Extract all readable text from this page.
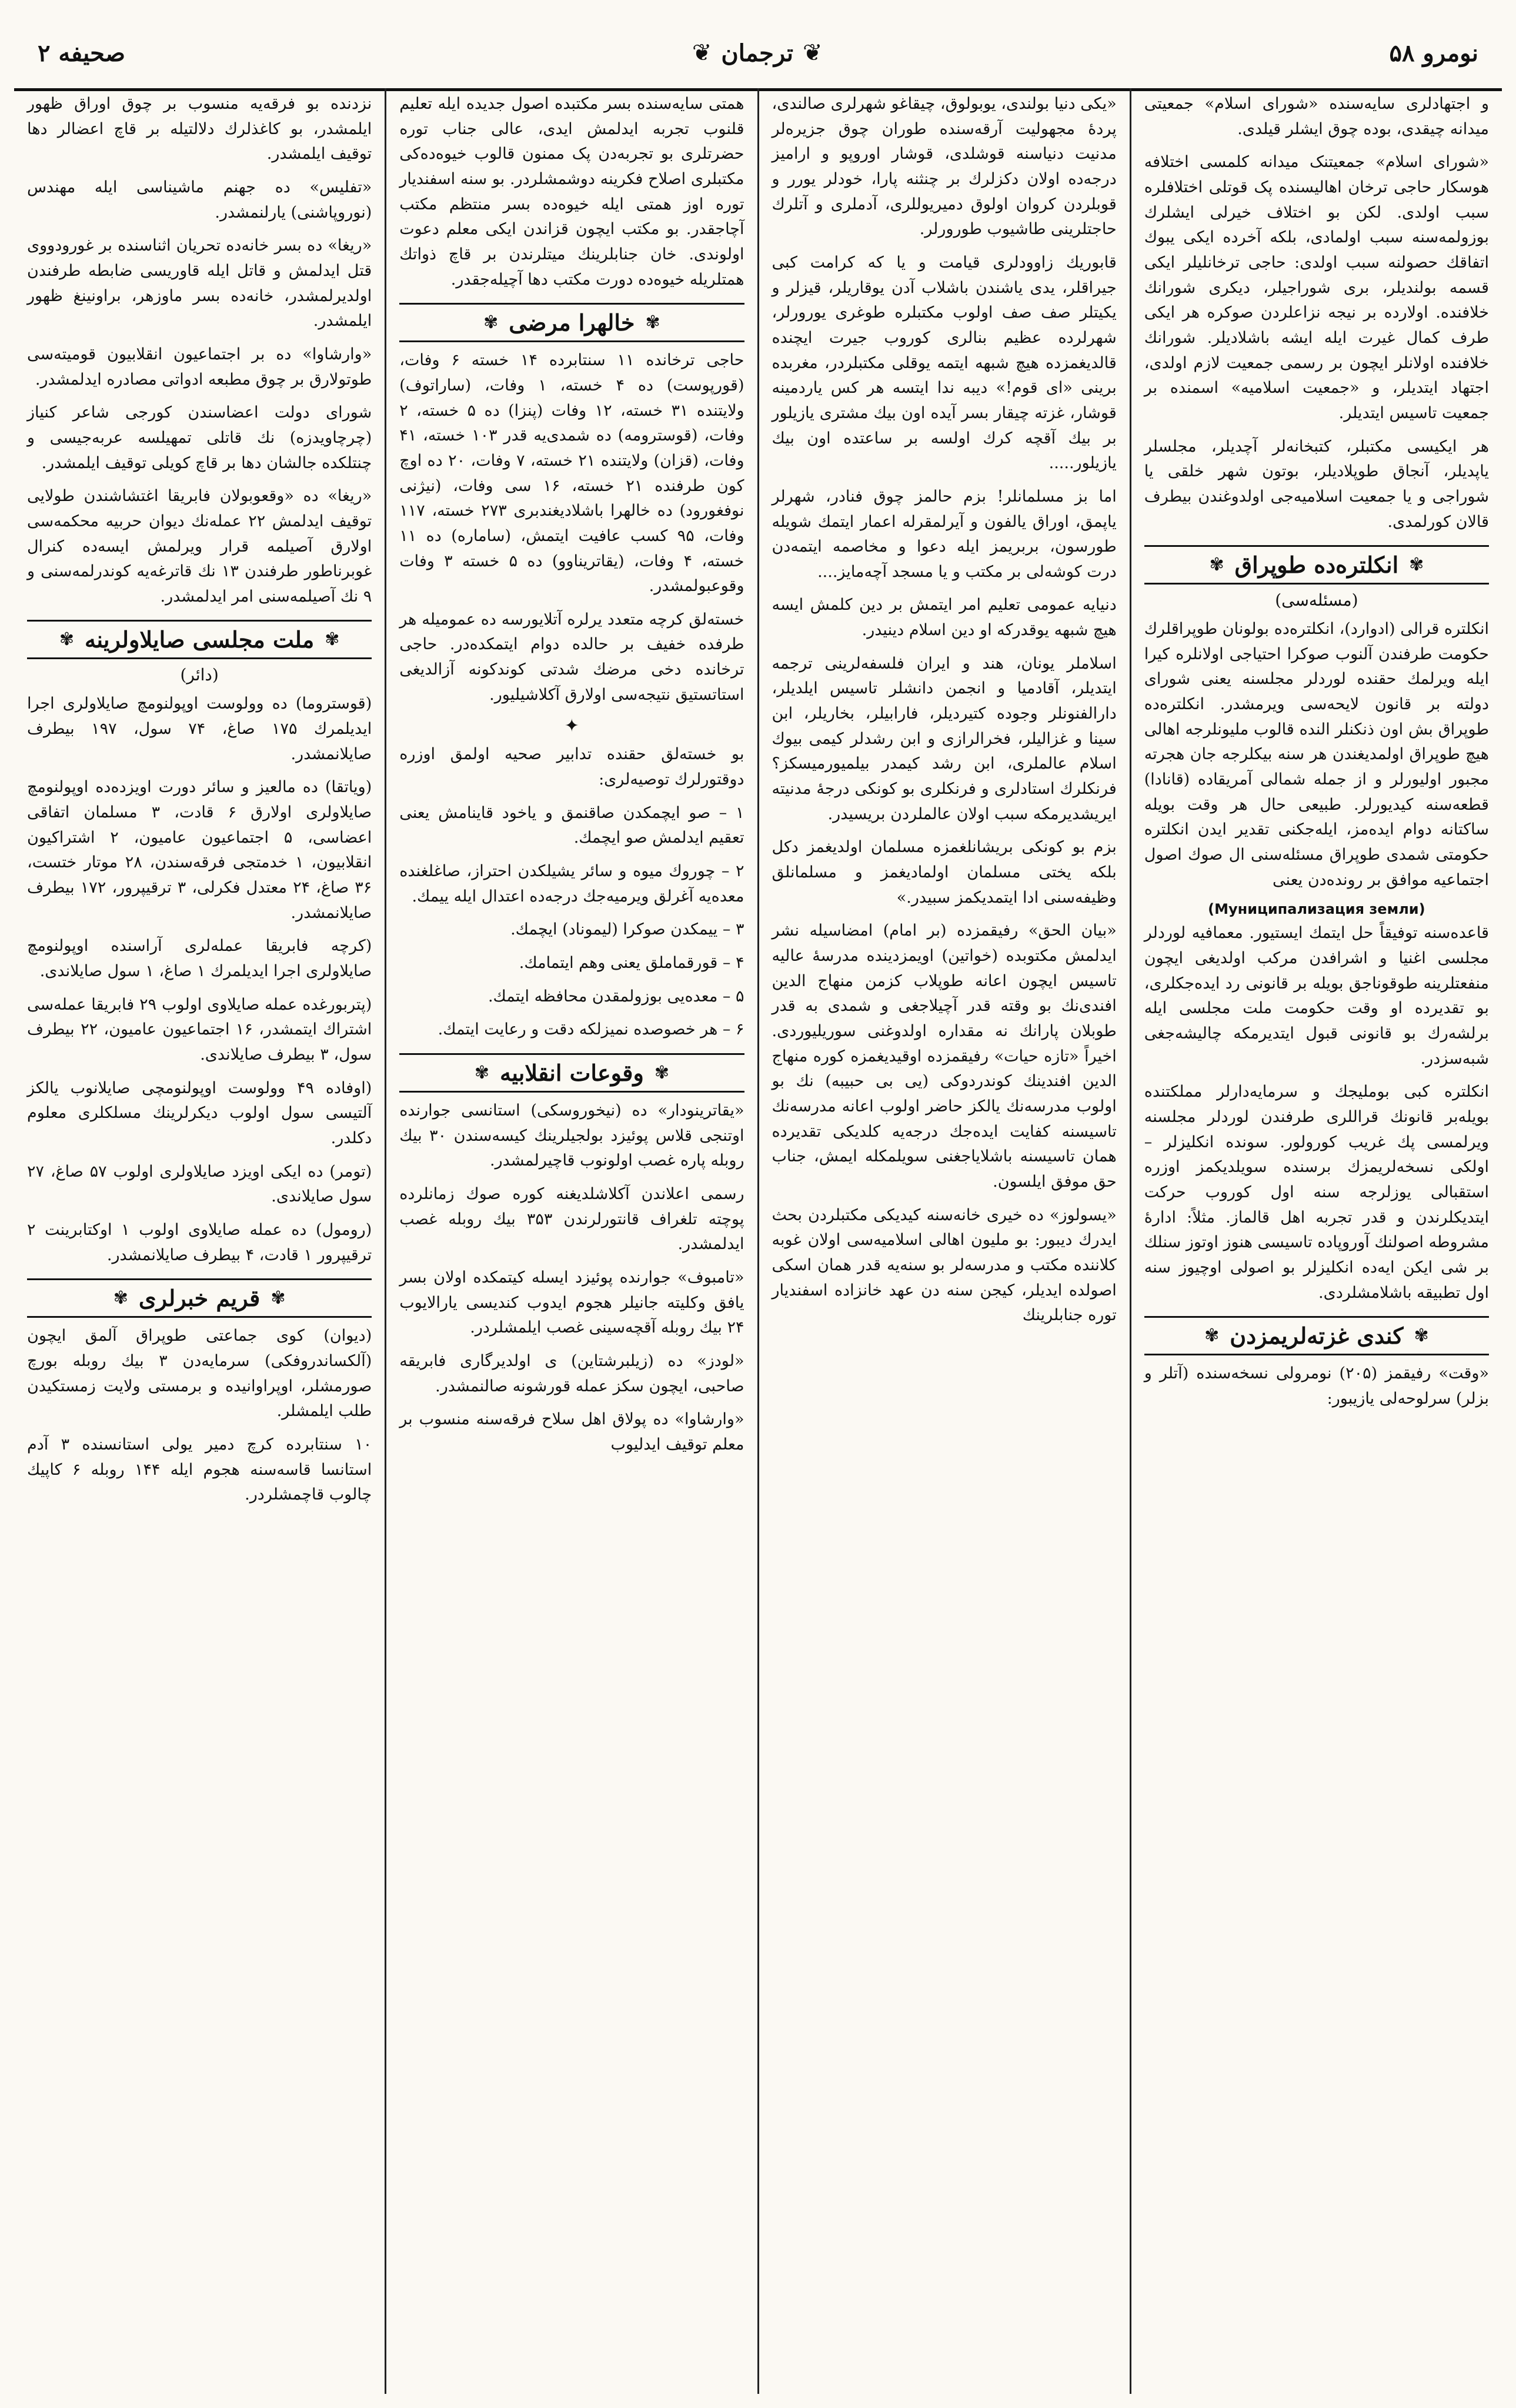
نومرو ۵۸
❦
ترجمان
❦
صحیفه ۲

و اجتهادلری سایه‌سنده «شورای اسلام» جمعیتی میدانه چیقدی، بوده چوق ایشلر قیلدی.

«شورای اسلام» جمعیتنک میدانه کلمسی اختلافه هوسکار حاجی ترخان اهالیسنده پک قوتلی اختلافلره سبب اولدی. لکن بو اختلاف خیرلی ایشلرك بوزولمه‌سنه سبب اولمادی، بلکه آخرده ایکی یبوك اتفاقك حصولنه سبب اولدی: حاجی ترخانلیلر ایکی قسمه بولندیلر، بری شوراجیلر، دیکری شورانك خلافنده. اولارده بر نیجه نزاعلردن صوکره هر ایکی طرف کمال غیرت ایله ایشه باشلادیلر. شورانك خلافنده اولانلر ایچون بر رسمی جمعیت لازم اولدی، اجتهاد ایتدیلر، و «جمعیت اسلامیه» اسمنده بر جمعیت تاسیس ایتدیلر.

هر ایکیسی مکتبلر، کتبخانه‌لر آچدیلر، مجلسلر یاپدیلر، آنجاق طوپلادیلر، بوتون شهر خلقی یا شوراجی و یا جمعیت اسلامیه‌جی اولدوغندن بیطرف قالان کورلمدی.

✾
انکلتره‌ده طوپراق
✾
(مسئله‌سی)

انکلتره قرالی (ادوارد)، انکلتره‌ده بولونان طوپراقلرك حکومت طرفندن آلنوب صوکرا احتیاجی اولانلره کیرا ایله ویرلمك حقنده لوردلر مجلسنه یعنی شورای دولته بر قانون لایحه‌سی ویرمشدر. انکلتره‌ده طوپراق بش اون ذنکنلر النده قالوب ملیونلرجه اهالی هیچ طوپراق اولمدیغندن هر سنه بیکلرجه جان هجرته مجبور اولیورلر و از جمله شمالی آمریقاده (قانادا) قطعه‌سنه کیدیورلر. طبیعی حال هر وقت بویله ساکتانه دوام ایده‌مز، ایله‌جکنی تقدیر ایدن انکلتره حکومتی شمدی طوپراق مسئله‌سنی ال صوك اصول اجتماعیه موافق بر رونده‌دن یعنی

(Муниципализация земли)

قاعده‌سنه توفیقاً حل ایتمك ایستیور. معمافیه لوردلر مجلسی اغنیا و اشرافدن مرکب اولدیغی ایچون منفعتلرینه طوقوناجق بویله بر قانونی رد ایده‌جکلری، بو تقدیرده او وقت حکومت ملت مجلسی ایله برلشه‌رك بو قانونی قبول ایتدیرمکه چالیشه‌جغی شبه‌سزدر.

انکلتره کبی بوملیجك و سرمایه‌دارلر مملکتنده بویله‌بر قانونك قراللری طرفندن لوردلر مجلسنه ویرلمسی پك غریب کورولور. سونده انکلیزلر – اولکی نسخه‌لریمزك برسنده‌ سویلدیکمز اوزره استقبالی یوزلرجه سنه اول کوروب حرکت ایتدیکلرندن و قدر تجربه اهل قالماز. مثلاً: ادارۀ مشروطه اصولنك آوروپاده تاسیسی هنوز اوتوز سنلك بر شی ایکن ایه‌ده انکلیزلر بو اصولی اوچیوز سنه اول تطبیقه باشلامشلردی.

✾
کندی غزته‌لریمزدن
✾

«وقت» رفیقمز (۲۰۵) نومرولی نسخه‌سنده (آتلر و بزلر) سرلوحه‌لی یازیبور:

«یکی دنیا بولندی، یوبولوق، چیقاغو شهرلری صالندی، پردۀ مجهولیت آرقه‌سنده طوران چوق جزیره‌لر مدنیت دنیاسنه قوشلدی، قوشار اوروپو و ارامیز درجه‌ده اولان دکزلرك بر چنثنه پارا، خودلر یورر و قوبلردن کروان اولوق دمیریوللری، آدملری و آتلرك حاجتلرینی طاشیوب طورورلر.

قابوریك زاوودلری قیامت و یا که کرامت کبی جیراقلر، یدی یاشندن باشلاب آدن یوقاریلر، قیزلر و یکیتلر صف صف اولوب مکتبلره طوغری یورورلر، شهرلرده عظیم بنالری کوروب جیرت ایچنده قالدیغمزده هیچ شبهه ایتمه یوقلی مکتبلردر، مغربده برینی «ای قوم!» دیبه ندا ایتسه هر کس یاردمینه قوشار، غزته چیقار بسر آیده اون بیك مشتری یازیلور بر بیك آقچه کرك اولسه بر ساعتده اون بیك یازیلور.....

اما بز مسلمانلر! بزم حالمز چوق فنادر، شهرلر یاپمق، اوراق یالفون و آیرلمقرله اعمار ایتمك شویله طورسون، بربریمز ایله دعوا و مخاصمه ایتمه‌دن درت کوشه‌لی بر مکتب و یا مسجد آچه‌مایز....

دنیایه عمومی تعلیم امر ایتمش بر دین کلمش ایسه هیچ شبهه یوقدرکه او دین اسلام دینیدر.

اسلاملر یونان، هند و ایران فلسفه‌لرینی ترجمه ایتدیلر، آقادمیا و انجمن دانشلر تاسیس ایلدیلر، دارالفنونلر وجوده کتیردیلر، فارابیلر، بخاریلر، ابن سینا و غزالیلر، فخرالرازی و ابن رشدلر کیمی بیوك اسلام عالملری، ابن رشد کیمدر بیلمیورمیسکز؟ فرنکلرك استادلری و فرنکلری بو کونکی درجۀ مدنیته ایریشدیرمکه سبب اولان عالملردن بریسیدر.

بزم بو کونکی بریشانلغمزه مسلمان اولدیغمز دکل بلکه یختی مسلمان اولمادیغمز و مسلمانلق وظیفه‌سنی ادا ایتمدیکمز سبیدر.»

«بیان الحق» رفیقمزده (بر امام) امضاسیله نشر ایدلمش مکتوبده (خواتین) اویمزدینده مدرسۀ عالیه تاسیس ایچون اعانه طوپلاب کزمن منهاج الدین افندی‌نك بو وقته قدر آچیلاجغی و شمدی به قدر طوبلان پارانك نه مقداره اولدوغنی سوریلیوردی. اخیراً «تازه حیات» رفیقمزده اوقیدیغمزه کوره منهاج الدین افندینك کوندردوکی (یی بی حبیبه) نك بو اولوب مدرسه‌نك یالکز حاضر اولوب اعانه مدرسه‌نك تاسیسنه کفایت ایده‌جك درجه‌یه کلدیکی تقدیرده همان تاسیسنه باشلایاجغنی سویلمکله ایمش، جناب حق موفق ایلسون.

«یسولوز» ده خیری خانه‌سنه کیدیکی مکتبلردن بحث ایدرك دیبور: بو ملیون اهالی اسلامیه‌سی اولان غوبه کلاننده مکتب و مدرسه‌لر بو سنه‌یه قدر همان اسکی اصولده ایدیلر، کیجن سنه‌ دن عهد خانزاده اسفندیار توره جنابلرینك

همتی سایه‌سنده بسر مکتبده اصول جدیده ایله تعلیم قلنوب تجربه ایدلمش ایدی، عالی جناب توره حضرتلری بو تجربه‌دن پک ممنون قالوب خیوه‌ده‌کی مکتبلری اصلاح فکرینه دوشمشلردر. بو سنه اسفندیار توره اوز همتی ایله خیوه‌ده بسر منتظم مکتب آچاجقدر. بو مکتب ایچون قزاندن ایکی معلم دعوت اولوندی. خان جنابلرینك میتلرندن بر قاچ ذواتك همتلریله خیوه‌ده دورت مکتب دها آچیله‌جقدر.

✾
خالهرا مرضی
✾

حاجی ترخانده ۱۱ سنتابرده ۱۴ خسته ۶ وفات، (قورپوست) ده ۴ خسته، ۱ وفات، (ساراتوف) ولایتنده ۳۱ خسته، ۱۲ وفات (پنزا) ده ۵ خسته، ۲ وفات، (قوسترومه) ده شمدی‌یه قدر ۱۰۳ خسته، ۴۱ وفات، (قزان) ولایتنده ۲۱ خسته، ۷ وفات، ۲۰ ده اوچ کون طرفنده ۲۱ خسته، ۱۶ سی وفات، (نیژنی نوفغورود) ده خالهرا باشلادیغندبری ۲۷۳ خسته، ۱۱۷ وفات، ۹۵ کسب عافیت ایتمش، (ساماره) ده ۱۱ خسته، ۴ وفات، (یقاتریناوو) ده ۵ خسته ۳ وفات وقوعبولمشدر.

خسته‌لق کرچه متعدد یرلره آتلایورسه ده عمومیله هر طرفده خفیف بر حالده دوام ایتمکده‌در. حاجی ترخانده دخی مرضك شدتی کوندکونه آزالدیغی استاتستیق نتیجه‌سی اولارق آکلاشیلیور.

✦

بو خسته‌لق حقنده تدابیر صحیه اولمق اوزره دوقتورلرك توصیه‌لری:

۱ – صو ایچمکدن صاقنمق و یاخود قاینامش یعنی تعقیم ایدلمش صو ایچمك.

۲ – چوروك میوه و سائر یشیلکدن احتراز، صاغلغنده معده‌یه آغرلق ویرمیه‌جك درجه‌ده اعتدال ایله ییمك.

۳ – ییمکدن صوکرا (لیموناد) ایچمك.

۴ – قورقماملق یعنی وهم ایتمامك.

۵ – معده‌یی بوزولمقدن محافظه ایتمك.

۶ – هر خصوصده نمیزلکه دقت و رعایت ایتمك.

✾
وقوعات انقلابیه
✾

«یقاترینودار» ده (نیخوروسکی) استانسی جوارنده اوتنجی قلاس پوئیزد بولجیلرینك کیسه‌سندن ۳۰ بیك روبله پاره غصب اولونوب قاچیرلمشدر.

رسمی اعلاندن آکلاشلدیغنه کوره صوك زمانلرده پوچته تلغراف قانتورلرندن ۳۵۳ بیك روبله غصب ایدلمشدر.

«تامبوف» جوارنده پوئیزد ایسله کیتمکده اولان بسر یافق وکلیته جانیلر هجوم ایدوب کندیسی یارالایوب ۲۴ بیك روبله آقچه‌سینی غصب ایلمشلردر.

«لودز» ده (زیلبرشتاین) ی اولدیرگاری فابریقه صاحبی، ایچون سکز عمله قورشونه صالنمشدر.

«وارشاوا» ده پولاق اهل سلاح فرقه‌سنه منسوب بر معلم توقیف ایدلیوب

نزدنده بو فرقه‌یه منسوب بر چوق اوراق ظهور ایلمشدر، بو کاغذلرك دلالتیله بر قاچ اعضالر دها توقیف ایلمشدر.

«تفلیس» ده جهنم ماشیناسی ایله مهندس (نوروپاشنی) یارلنمشدر.

«ریغا» ده بسر خانه‌ده تحریان اثناسنده بر غورودووی قتل ایدلمش و قاتل ایله قاوریسی ضابطه طرفندن اولدیرلمشدر، خانه‌ده بسر ماوزهر، براونینغ ظهور ایلمشدر.

«وارشاوا» ده بر اجتماعیون انقلابیون قومیته‌سی طوتولارق بر چوق مطبعه ادواتی مصادره ایدلمشدر.

شورای دولت اعضاسندن کورجی شاعر کنیاز (چرچاویدزه) نك قاتلی تمهیلسه عربه‌جیسی و چنتلکده جالشان دها بر قاچ کویلی توقیف ایلمشدر.

«ریغا» ده «وقعوبولان فابریقا اغتشاشندن طولایی توقیف ایدلمش ۲۲ عمله‌نك دیوان حربیه محکمه‌سی اولارق آصیلمه قرار ویرلمش ایسه‌ده کنرال غوبرناطور طرفندن ۱۳ نك قاترغه‌یه کوندرلمه‌سنی و ۹ نك آصیلمه‌سنی امر ایدلمشدر.

✾
ملت مجلسی صایلاولرینه
✾
(دائر)

(قوستروما) ده وولوست اوپولنومچ صایلاولری اجرا ایدیلمرك ۱۷۵ صاغ، ۷۴ سول، ۱۹۷ بیطرف صایلانمشدر.

(ویاتقا) ده مالعیز و سائر دورت اویزده‌ده اوپولنومچ صایلاولری اولارق ۶ قادت، ۳ مسلمان اتفاقی اعضاسی، ۵ اجتماعیون عامیون، ۲ اشتراکیون انقلابیون، ۱ خدمتجی فرقه‌سندن، ۲۸ موتار ختست، ۳۶ صاغ، ۲۴ معتدل فکرلی، ۳ ترقیپرور، ۱۷۲ بیطرف صایلانمشدر.

(کرچه فابریقا عمله‌لری آراسنده اوپولنومچ صایلاولری اجرا ایدیلمرك ۱ صاغ، ۱ سول صایلاندی.

(پتربورغده عمله صایلاوی اولوب ۲۹ فابریقا عمله‌سی اشتراك ایتمشدر، ۱۶ اجتماعیون عامیون، ۲۲ بیطرف سول، ۳ بیطرف صایلاندی.

(اوفاده ۴۹ وولوست اوپولنومچی صایلانوب یالکز آلتیسی سول اولوب دیکرلرینك مسلکلری معلوم دکلدر.

(تومر) ده ایکی اویزد صایلاولری اولوب ۵۷ صاغ، ۲۷ سول صایلاندی.

(رومول) ده عمله صایلاوی اولوب ۱ اوکتابرینت ۲ ترقیپرور ۱ قادت، ۴ بیطرف صایلانمشدر.

✾
قریم خبرلری
✾

(دیوان) کوی جماعتی طوپراق آلمق ایچون (آلکساندروفکی) سرمایه‌دن ۳ بیك روبله بورچ صورمشلر، اوپراوانیده و برمستی ولایت زمستکیدن طلب ایلمشلر.

۱۰ سنتابرده کرچ دمیر یولی استانسنده ۳ آدم استانسا قاسه‌سنه هجوم ایله ۱۴۴ روبله ۶ کاپیك چالوب قاچمشلردر.
